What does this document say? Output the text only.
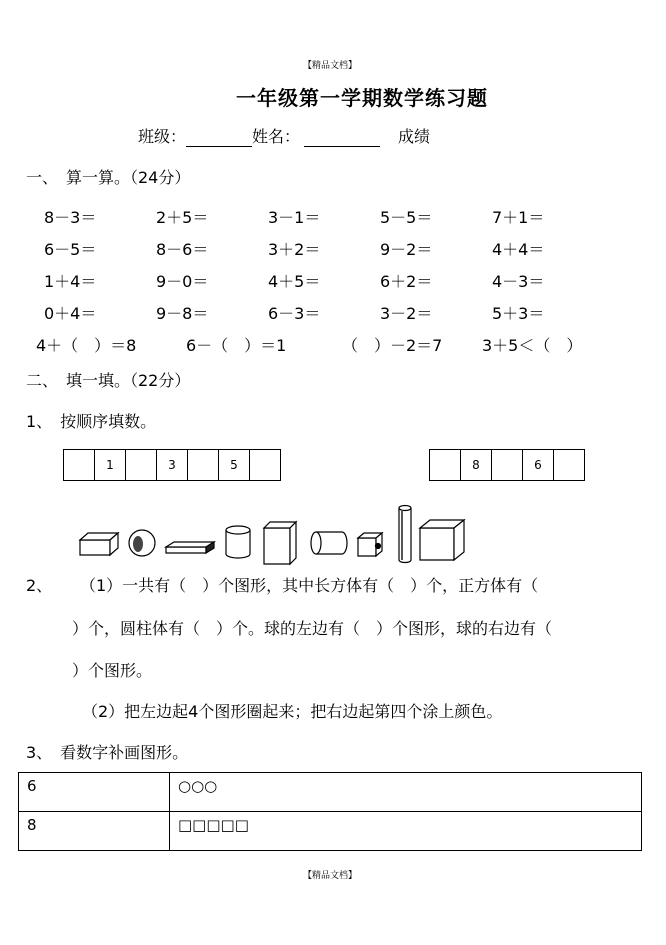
【精品文档】
一年级第一学期数学练习题
班级：	姓名：	成绩
一、　算一算。（24分）
8－3＝	2＋5＝	3－1＝	5－5＝	7＋1＝
6－5＝	8－6＝	3＋2＝	9－2＝	4＋4＝
1＋4＝	9－0＝	4＋5＝	6＋2＝	4－3＝
0＋4＝	9－8＝	6－3＝	3－2＝	5＋3＝
4＋（　）＝8	6－（　）＝1	（　）－2＝7 3＋5＜（　）
二、　填一填。（22分）
1、　按顺序填数。
1	3	5	8	6
2、 （1）一共有（　）个图形，其中长方体有（　）个，正方体有（
）个，圆柱体有（　）个。球的左边有（　）个图形，球的右边有（
）个图形。
（2）把左边起4个图形圈起来；把右边起第四个涂上颜色。
3、　看数字补画图形。
6	○○○
8	□□□□□
【精品文档】
